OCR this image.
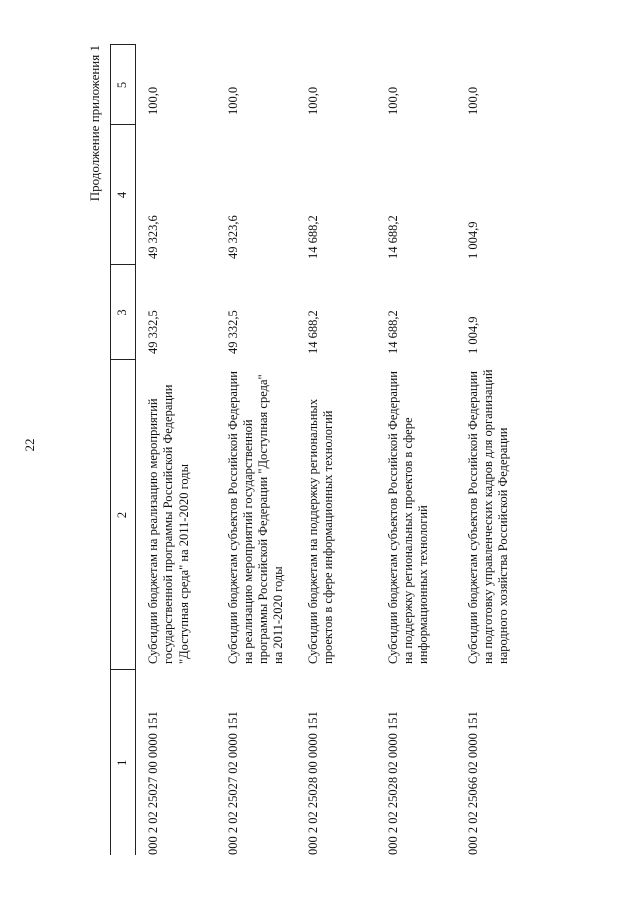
22
Продолжение приложения 1
1	2	3	4	5
000 2 02 25027 00 0000 151	Субсидии бюджетам на реализацию мероприятий государственной программы Российской Федерации "Доступная среда" на 2011-2020 годы	49 332,5	49 323,6	100,0
000 2 02 25027 02 0000 151	Субсидии бюджетам субъектов Российской Федерации на реализацию мероприятий государственной программы Российской Федерации "Доступная среда" на 2011-2020 годы	49 332,5	49 323,6	100,0
000 2 02 25028 00 0000 151	Субсидии бюджетам на поддержку региональных проектов в сфере информационных технологий	14 688,2	14 688,2	100,0
000 2 02 25028 02 0000 151	Субсидии бюджетам субъектов Российской Федерации на поддержку региональных проектов в сфере информационных технологий	14 688,2	14 688,2	100,0
000 2 02 25066 02 0000 151	Субсидии бюджетам субъектов Российской Федерации на подготовку управленческих кадров для организаций народного хозяйства Российской Федерации	1 004,9	1 004,9	100,0
